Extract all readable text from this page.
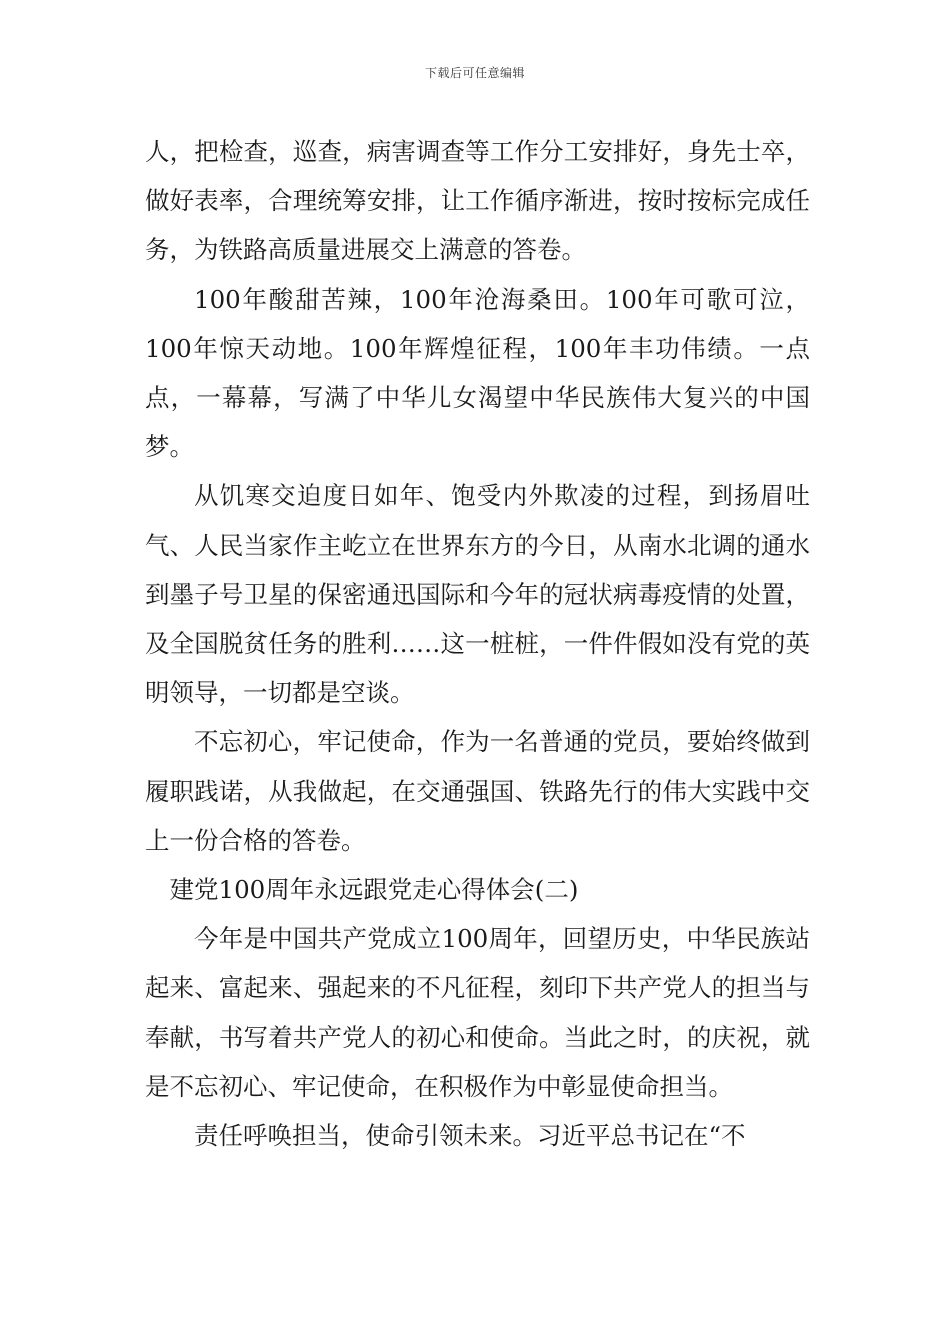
下载后可任意编辑

人，把检查，巡查，病害调查等工作分工安排好，身先士卒，做好表率，合理统筹安排，让工作循序渐进，按时按标完成任务，为铁路高质量进展交上满意的答卷。

100年酸甜苦辣，100年沧海桑田。100年可歌可泣，100年惊天动地。100年辉煌征程，100年丰功伟绩。一点点，一幕幕，写满了中华儿女渴望中华民族伟大复兴的中国梦。

从饥寒交迫度日如年、饱受内外欺凌的过程，到扬眉吐气、人民当家作主屹立在世界东方的今日，从南水北调的通水到墨子号卫星的保密通迅国际和今年的冠状病毒疫情的处置，及全国脱贫任务的胜利……这一桩桩，一件件假如没有党的英明领导，一切都是空谈。

不忘初心，牢记使命，作为一名普通的党员，要始终做到履职践诺，从我做起，在交通强国、铁路先行的伟大实践中交上一份合格的答卷。

建党100周年永远跟党走心得体会(二)

今年是中国共产党成立100周年，回望历史，中华民族站起来、富起来、强起来的不凡征程，刻印下共产党人的担当与奉献，书写着共产党人的初心和使命。当此之时，的庆祝，就是不忘初心、牢记使命，在积极作为中彰显使命担当。

责任呼唤担当，使命引领未来。习近平总书记在“不
